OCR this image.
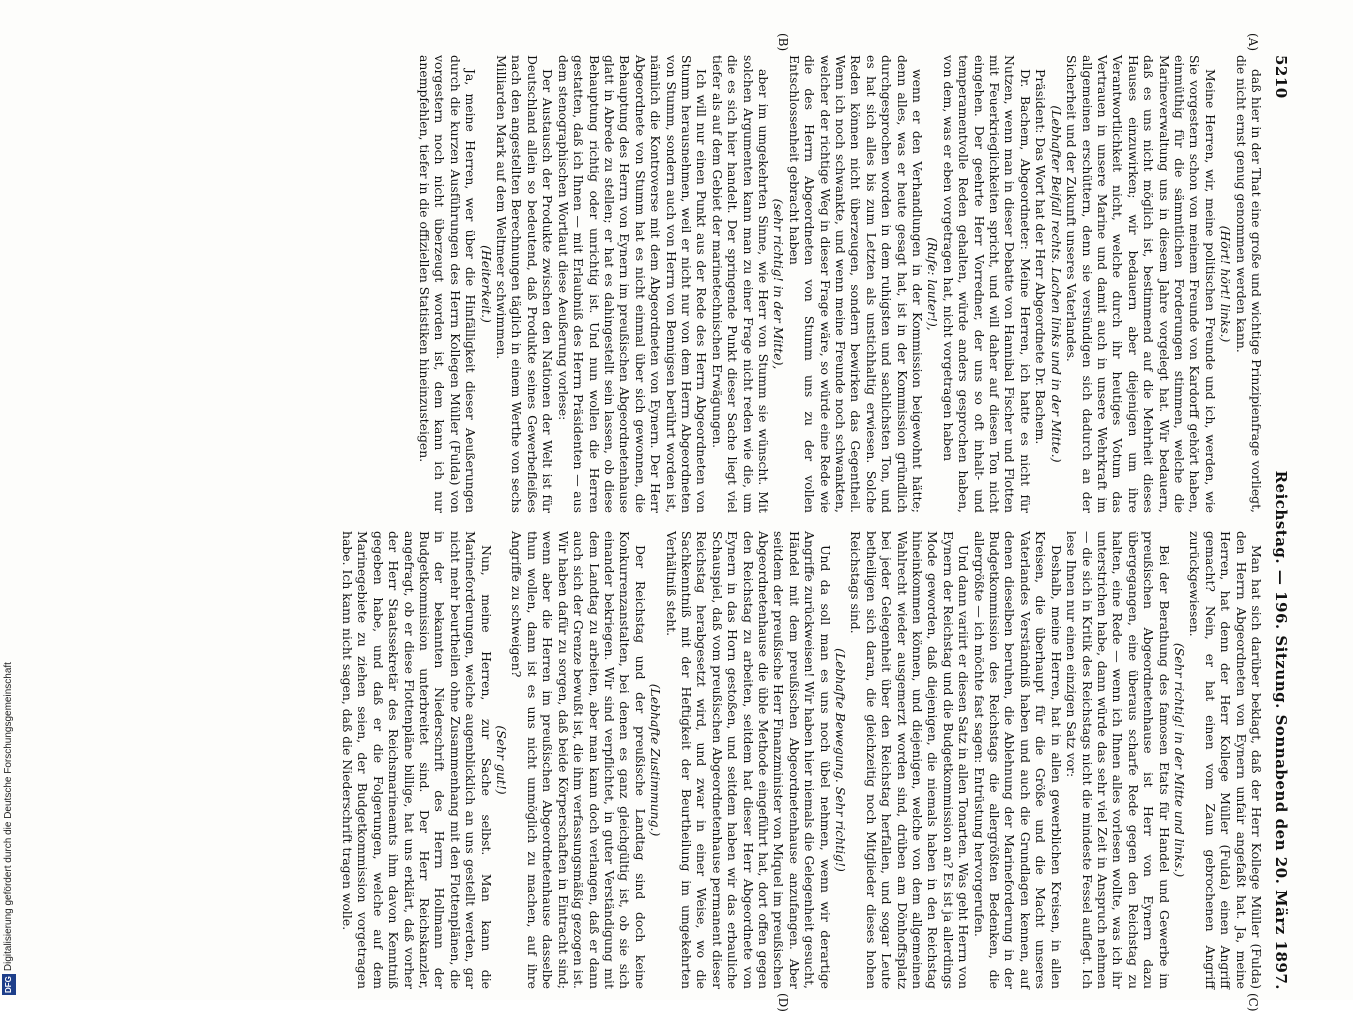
5210
Reichstag. — 196. Sitzung. Sonnabend den 20. März 1897.

daß hier in der That eine große und wichtige Prinzipienfrage vorliegt, die nicht ernst genug genommen werden kann.

(Hört! hört! links.)

Meine Herren, wir, meine politischen Freunde und ich, werden, wie Sie vorgestern schon von meinem Freunde von Kardorff gehört haben, einmüthig für die sämmtlichen Forderungen stimmen, welche die Marineverwaltung uns in diesem Jahre vorgelegt hat. Wir bedauern, daß es uns nicht möglich ist, bestimmend auf die Mehrheit dieses Hauses einzuwirken; wir bedauern aber diejenigen um ihre Verantwortlichkeit nicht, welche durch ihr heutiges Votum das Vertrauen in unsere Marine und damit auch in unsere Wehrkraft im allgemeinen erschüttern, denn sie versündigen sich dadurch an der Sicherheit und der Zukunft unseres Vaterlandes.

(Lebhafter Beifall rechts. Lachen links und in der Mitte.)

Präsident: Das Wort hat der Herr Abgeordnete Dr. Bachem.

Dr. Bachem, Abgeordneter: Meine Herren, ich hatte es nicht für Nutzen, wenn man in dieser Debatte von Hannibal Fischer und Flotten mit Feuerkrieglichkeiten spricht, und will daher auf diesen Ton nicht eingehen. Der geehrte Herr Vorredner, der uns so oft inhalt- und temperamentvolle Reden gehalten, würde anders gesprochen haben, von dem, was er eben vorgetragen hat, nicht vorgetragen haben

(Rufe: lauter!),

wenn er den Verhandlungen in der Kommission beigewohnt hätte; denn alles, was er heute gesagt hat, ist in der Kommission gründlich durchgesprochen worden in dem ruhigsten und sachlichsten Ton, und es hat sich alles bis zum Letzten als unstichhaltig erwiesen. Solche Reden können nicht überzeugen, sondern bewirken das Gegentheil. Wenn ich noch schwankte, und wenn meine Freunde noch schwankten, welcher der richtige Weg in dieser Frage wäre, so würde eine Rede wie die des Herrn Abgeordneten von Stumm uns zu der vollen Entschlossenheit gebracht haben

(sehr richtig! in der Mitte),

aber im umgekehrten Sinne, wie Herr von Stumm sie wünscht. Mit solchen Argumenten kann man zu einer Frage nicht reden wie die, um die es sich hier handelt. Der springende Punkt dieser Sache liegt viel tiefer als auf dem Gebiet der marinetechnischen Erwägungen.

Ich will nur einen Punkt aus der Rede des Herrn Abgeordneten von Stumm herausnehmen, weil er nicht nur von dem Herrn Abgeordneten von Stumm, sondern auch von Herrn von Bennigsen berührt worden ist, nämlich die Kontroverse mit dem Abgeordneten von Eynern. Der Herr Abgeordnete von Stumm hat es nicht einmal über sich gewonnen, die Behauptung des Herrn von Eynern im preußischen Abgeordnetenhause glatt in Abrede zu stellen; er hat es dahingestellt sein lassen, ob diese Behauptung richtig oder unrichtig ist. Und nun wollen die Herren gestatten, daß ich Ihnen — mit Erlaubniß des Herrn Präsidenten — aus dem stenographischen Wortlaut diese Aeußerung vorlese:

Der Austausch der Produkte zwischen den Nationen der Welt ist für Deutschland allein so bedeutend, daß Produkte seines Gewerbefleißes nach den angestellten Berechnungen täglich in einem Werthe von sechs Milliarden Mark auf dem Weltmeer schwimmen.

(Heiterkeit.)

Ja, meine Herren, wer über die Hinfälligkeit dieser Aeußerungen durch die kurzen Ausführungen des Herrn Kollegen Müller (Fulda) von vorgestern noch nicht überzeugt worden ist, dem kann ich nur anempfehlen, tiefer in die offiziellen Statistiken hineinzusteigen.

Man hat sich darüber beklagt, daß der Herr Kollege Müller (Fulda) den Herrn Abgeordneten von Eynern unfair angefaßt hat. Ja, meine Herren, hat denn der Herr Kollege Müller (Fulda) einen Angriff gemacht? Nein, er hat einen vom Zaun gebrochenen Angriff zurückgewiesen.

(Sehr richtig! in der Mitte und links.)

Bei der Berathung des famosen Etats für Handel und Gewerbe im preußischen Abgeordnetenhause ist Herr von Eynern dazu übergegangen, eine überaus scharfe Rede gegen den Reichstag zu halten, eine Rede — wenn ich Ihnen alles vorlesen wollte, was ich ihr unterstrichen habe, dann würde das sehr viel Zeit in Anspruch nehmen — die sich in Kritik des Reichstags nicht die mindeste Fessel auflegt. Ich lese Ihnen nur einen einzigen Satz vor:

Deshalb, meine Herren, hat in allen gewerblichen Kreisen, in allen Kreisen, die überhaupt für die Größe und die Macht unseres Vaterlandes Verständniß haben und auch die Grundlagen kennen, auf denen dieselben beruhen, die Ablehnung der Marineforderung in der Budgetkommission des Reichstags die allergrößten Bedenken, die allergrößte — ich möchte fast sagen: Entrüstung hervorgerufen.

Und dann variirt er diesen Satz in allen Tonarten. Was geht Herrn von Eynern der Reichstag und die Budgetkommission an? Es ist ja allerdings Mode geworden, daß diejenigen, die niemals haben in den Reichstag hineinkommen können, und diejenigen, welche von dem allgemeinen Wahlrecht wieder ausgemerzt worden sind, drüben am Dönhoffsplatz bei jeder Gelegenheit über den Reichstag herfallen, und sogar Leute betheiligen sich daran, die gleichzeitig noch Mitglieder dieses hohen Reichstags sind.

(Lebhafte Bewegung. Sehr richtig!)

Und da soll man es uns noch übel nehmen, wenn wir derartige Angriffe zurückweisen! Wir haben hier niemals die Gelegenheit gesucht, Händel mit dem preußischen Abgeordnetenhause anzufangen. Aber seitdem der preußische Herr Finanzminister von Miquel im preußischen Abgeordnetenhause die üble Methode eingeführt hat, dort offen gegen den Reichstag zu arbeiten, seitdem hat dieser Herr Abgeordnete von Eynern in das Horn gestoßen, und seitdem haben wir das erbauliche Schauspiel, daß vom preußischen Abgeordnetenhause permanent dieser Reichstag herabgesetzt wird, und zwar in einer Weise, wo die Sachkenntniß mit der Heftigkeit der Beurtheilung im umgekehrten Verhältniß steht.

(Lebhafte Zustimmung.)

Der Reichstag und der preußische Landtag sind doch keine Konkurrenzanstalten, bei denen es ganz gleichgültig ist, ob sie sich einander bekriegen. Wir sind verpflichtet, in guter Verständigung mit dem Landtag zu arbeiten, aber man kann doch verlangen, daß er dann auch sich der Grenze bewußt ist, die ihm verfassungsmäßig gezogen ist. Wir haben dafür zu sorgen, daß beide Körperschaften in Eintracht sind; wenn aber die Herren im preußischen Abgeordnetenhause dasselbe thun wollen, dann ist es uns nicht unmöglich zu machen, auf ihre Angriffe zu schweigen?

(Sehr gut!)

Nun, meine Herren, zur Sache selbst. Man kann die Marineforderungen, welche augenblicklich an uns gestellt werden, gar nicht mehr beurtheilen ohne Zusammenhang mit den Flottenplänen, die in der bekannten Niederschrift des Herrn Hollmann der Budgetkommission unterbreitet sind. Der Herr Reichskanzler, angefragt, ob er diese Flottenpläne billige, hat uns erklärt, daß vorher der Herr Staatssekretär des Reichsmarineamts ihm davon Kenntniß gegeben habe, und daß er die Folgerungen, welche auf dem Marinegebiete zu ziehen seien, der Budgetkommission vorgetragen habe. Ich kann nicht sagen, daß die Niederschrift tragen wolle.

(A)
(B)
(C)
(D)
DFGDigitalisierung gefördert durch die Deutsche Forschungsgemeinschaft
